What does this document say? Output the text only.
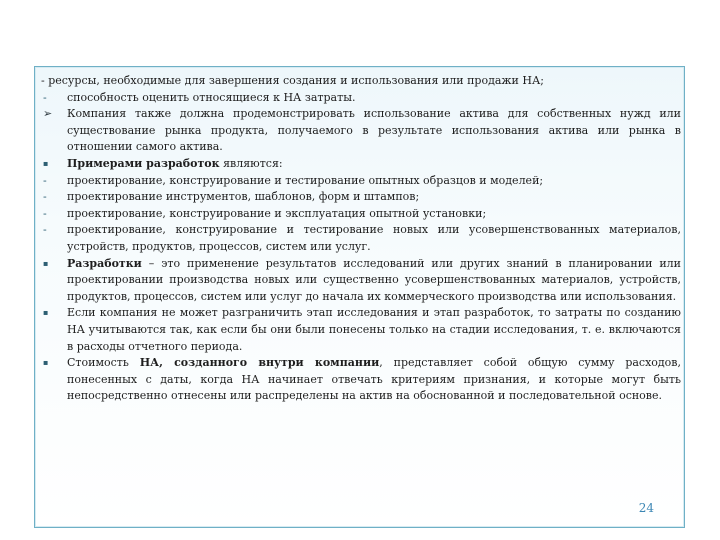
- ресурсы, необходимые для завершения создания и использования или продажи НА;
-	способность оценить относящиеся к НА затраты.
➢	Компания также должна продемонстрировать использование актива для собственных нужд или существование рынка продукта, получаемого в результате использования актива или рынка в отношении самого актива.
▪	Примерами разработок являются:
-	проектирование, конструирование и тестирование опытных образцов и моделей;
-	проектирование инструментов, шаблонов, форм и штампов;
-	проектирование, конструирование и эксплуатация опытной установки;
-	проектирование, конструирование и тестирование новых или усовершенствованных материалов, устройств, продуктов, процессов, систем или услуг.
▪	Разработки – это применение результатов исследований или других знаний в планировании или проектировании производства новых или существенно усовершенствованных материалов, устройств, продуктов, процессов, систем или услуг до начала их коммерческого производства или использования.
▪	Если компания не может разграничить этап исследования и этап разработок, то затраты по созданию НА учитываются так, как если бы они были понесены только на стадии исследования, т. е. включаются в расходы отчетного периода.
▪	Стоимость НА, созданного внутри компании, представляет собой общую сумму расходов, понесенных с даты, когда НА начинает отвечать критериям признания, и которые могут быть непосредственно отнесены или распределены на актив на обоснованной и последовательной основе.
24
